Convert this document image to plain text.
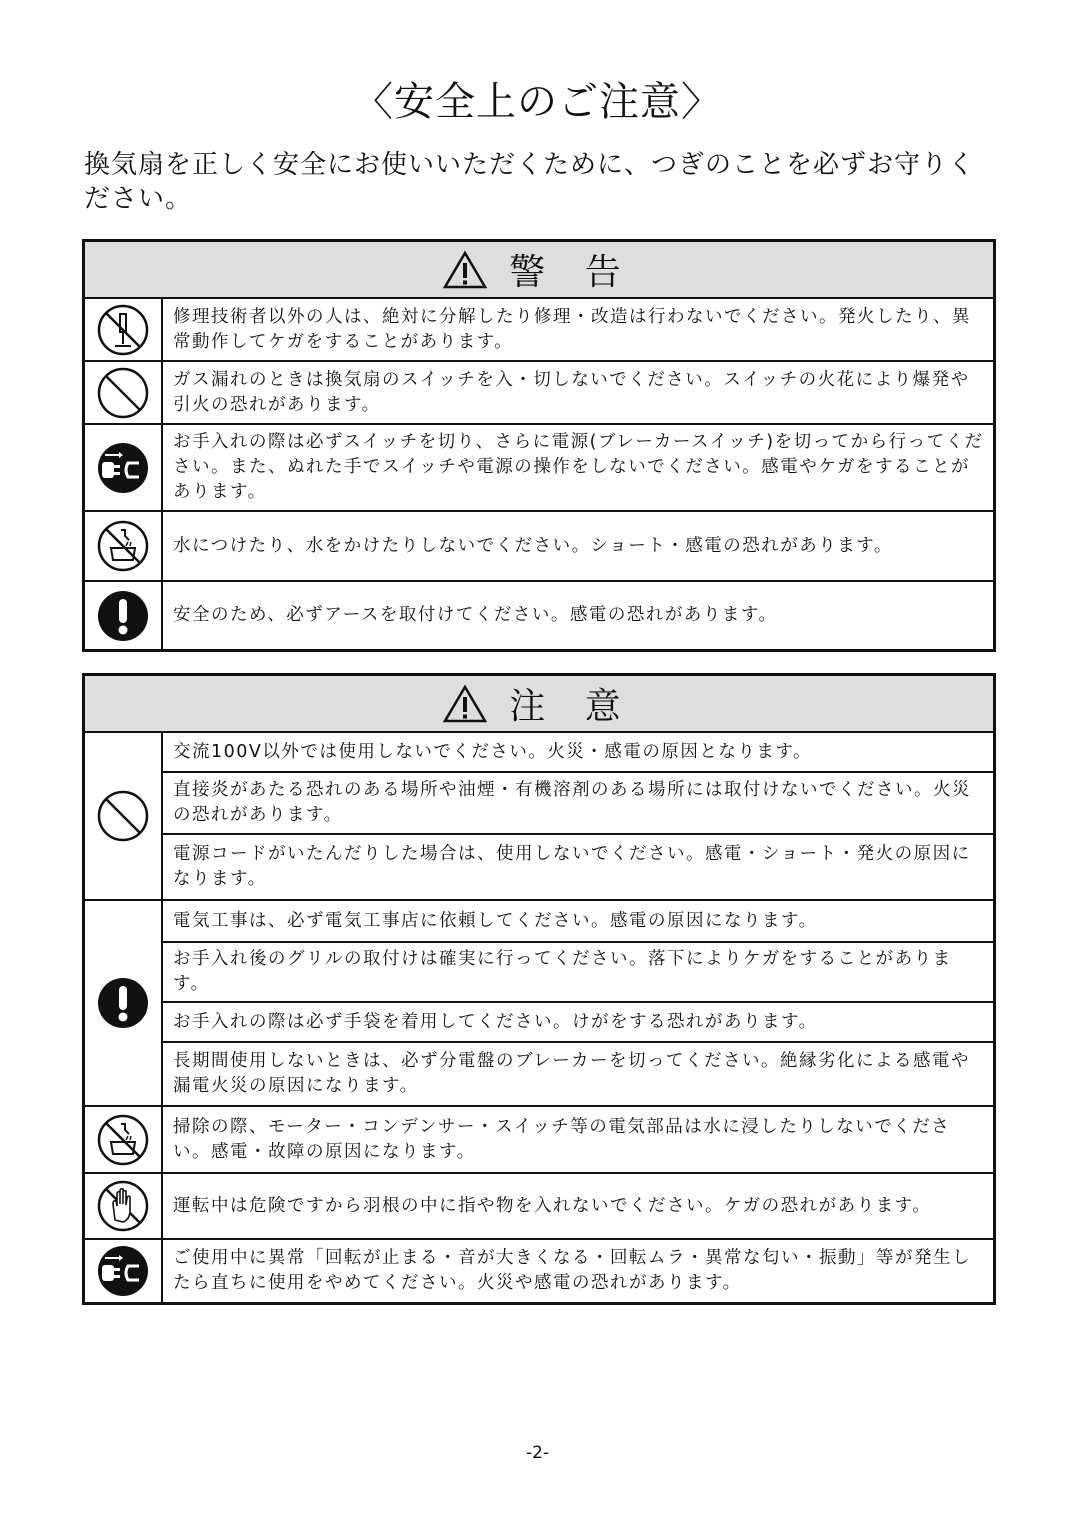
〈安全上のご注意〉
換気扇を正しく安全にお使いいただくために、つぎのことを必ずお守りください。
警 告
修理技術者以外の人は、絶対に分解したり修理・改造は行わないでください。発火したり、異常動作してケガをすることがあります。
ガス漏れのときは換気扇のスイッチを入・切しないでください。スイッチの火花により爆発や引火の恐れがあります。
お手入れの際は必ずスイッチを切り、さらに電源(ブレーカースイッチ)を切ってから行ってください。また、ぬれた手でスイッチや電源の操作をしないでください。感電やケガをすることがあります。
水につけたり、水をかけたりしないでください。ショート・感電の恐れがあります。
安全のため、必ずアースを取付けてください。感電の恐れがあります。
注 意
交流100V以外では使用しないでください。火災・感電の原因となります。
直接炎があたる恐れのある場所や油煙・有機溶剤のある場所には取付けないでください。火災の恐れがあります。
電源コードがいたんだりした場合は、使用しないでください。感電・ショート・発火の原因になります。
電気工事は、必ず電気工事店に依頼してください。感電の原因になります。
お手入れ後のグリルの取付けは確実に行ってください。落下によりケガをすることがあります。
お手入れの際は必ず手袋を着用してください。けがをする恐れがあります。
長期間使用しないときは、必ず分電盤のブレーカーを切ってください。絶縁劣化による感電や漏電火災の原因になります。
掃除の際、モーター・コンデンサー・スイッチ等の電気部品は水に浸したりしないでください。感電・故障の原因になります。
運転中は危険ですから羽根の中に指や物を入れないでください。ケガの恐れがあります。
ご使用中に異常「回転が止まる・音が大きくなる・回転ムラ・異常な匂い・振動」等が発生したら直ちに使用をやめてください。火災や感電の恐れがあります。
-2-
